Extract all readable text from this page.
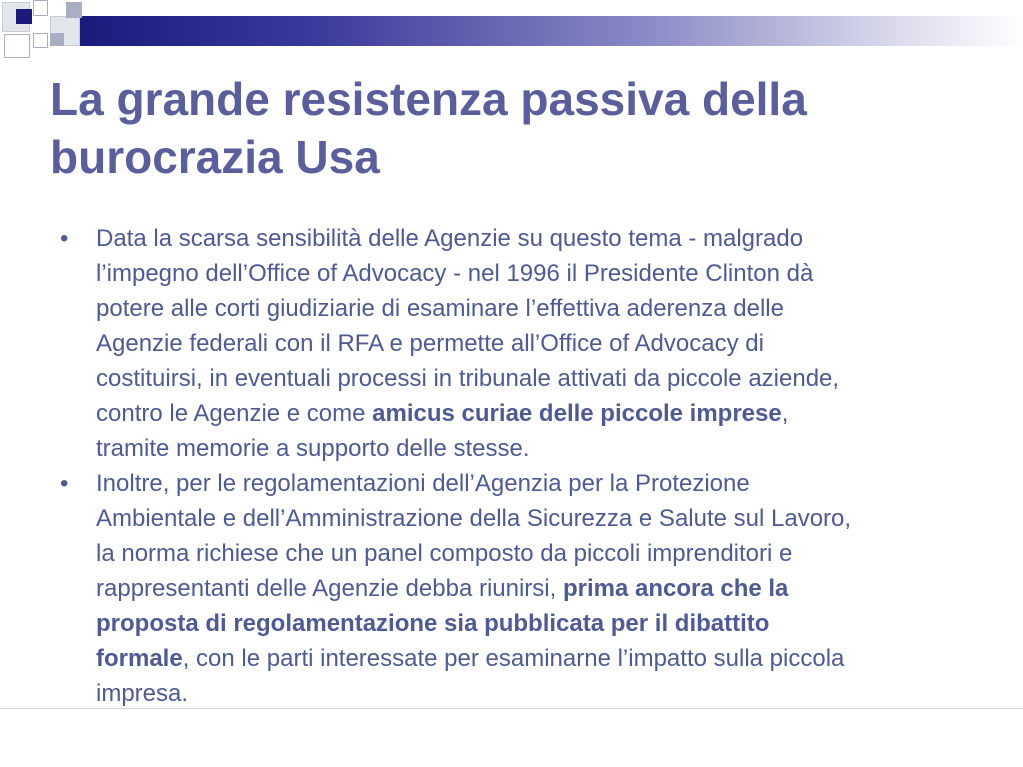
La grande resistenza passiva della
burocrazia Usa
• Data la scarsa sensibilità delle Agenzie su questo tema - malgrado
l’impegno dell’Office of Advocacy - nel 1996 il Presidente Clinton dà
potere alle corti giudiziarie di esaminare l’effettiva aderenza delle
Agenzie federali con il RFA e permette all’Office of Advocacy di
costituirsi, in eventuali processi in tribunale attivati da piccole aziende,
contro le Agenzie e come amicus curiae delle piccole imprese,
tramite memorie a supporto delle stesse.
• Inoltre, per le regolamentazioni dell’Agenzia per la Protezione
Ambientale e dell’Amministrazione della Sicurezza e Salute sul Lavoro,
la norma richiese che un panel composto da piccoli imprenditori e
rappresentanti delle Agenzie debba riunirsi, prima ancora che la
proposta di regolamentazione sia pubblicata per il dibattito
formale, con le parti interessate per esaminarne l’impatto sulla piccola
impresa.
